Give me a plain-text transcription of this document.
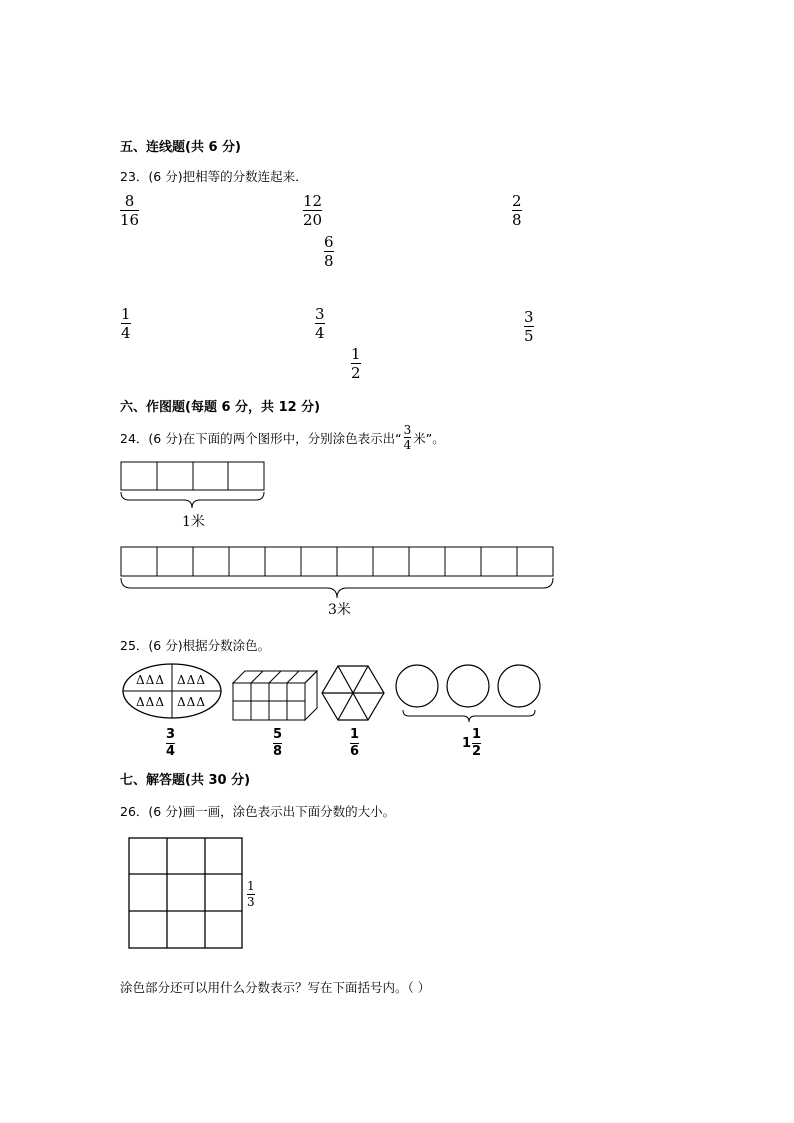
五、连线题(共 6 分)
23．(6 分)把相等的分数连起来．
8
16
12
20
2
8
6
8
1
4
3
4
3
5
1
2
六、作图题(每题 6 分，共 12 分)
24． (6 分)在下面的两个图形中，分别涂色表示出“ $\frac{3}{4}$ 米”。
ΔΔΔ ΔΔΔ
ΔΔΔ ΔΔΔ
1米
3米
25．(6 分)根据分数涂色。
3
4
5
8
1
6
1
1
2
七、解答题(共 30 分)
26．(6 分)画一画，涂色表示出下面分数的大小。
1
3
涂色部分还可以用什么分数表示？写在下面括号内。（ ）
